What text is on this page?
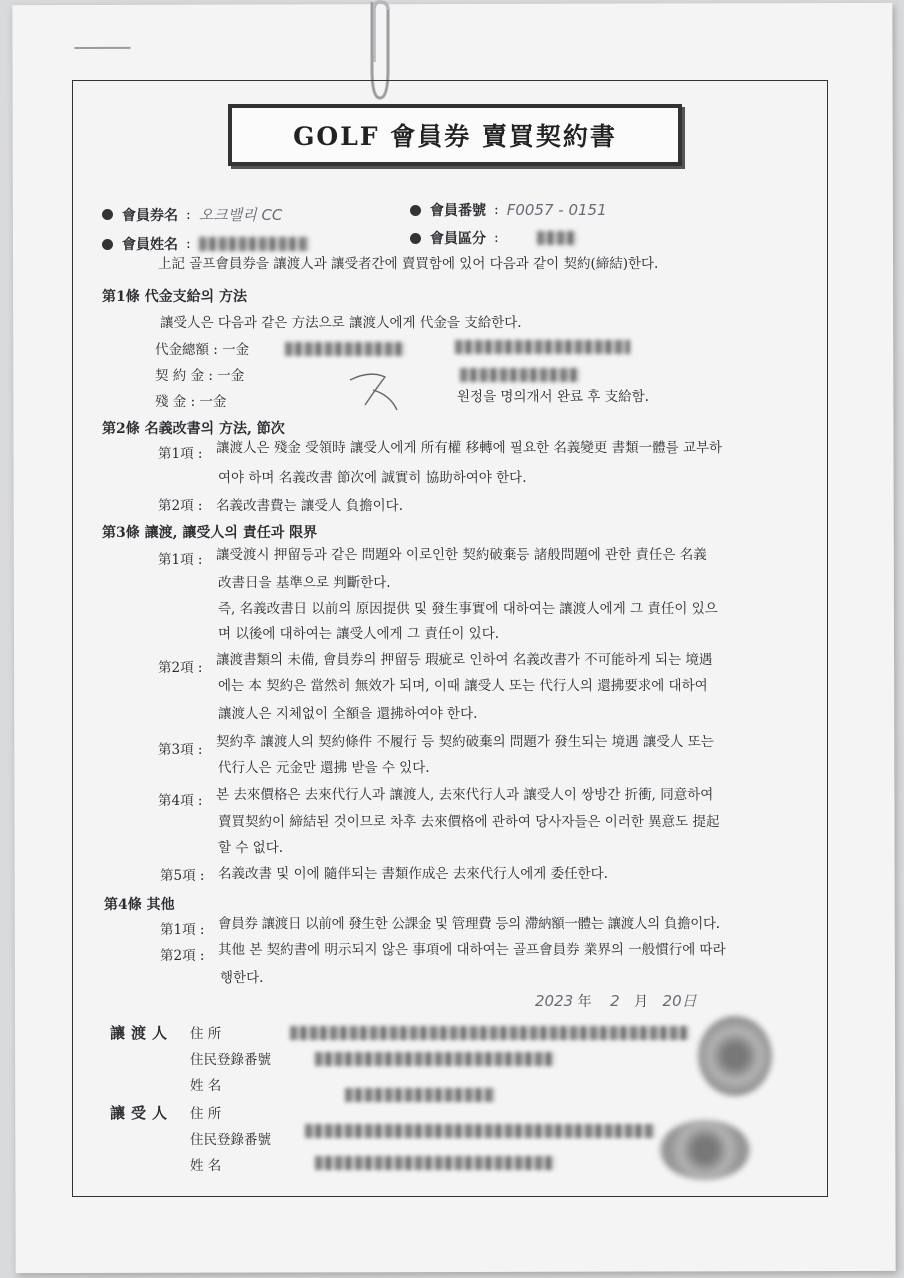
GOLF 會員券 賣買契約書
會員券名 : 오크밸리 CC	會員番號 : F0057 - 0151
會員姓名 :	會員區分 :
上記 골프會員券을 讓渡人과 讓受者간에 賣買함에 있어 다음과 같이 契約(締結)한다.
第1條 代金支給의 方法
讓受人은 다음과 같은 方法으로 讓渡人에게 代金을 支給한다.
代金總額 : 一金
契 約 金 : 一金
殘 金 : 一金	원정을 명의개서 완료 후 支給함.
第2條 名義改書의 方法, 節次
第1項 : 讓渡人은 殘金 受領時 讓受人에게 所有權 移轉에 필요한 名義變更 書類一體를 교부하
여야 하며 名義改書 節次에 誠實히 協助하여야 한다.
第2項 : 名義改書費는 讓受人 負擔이다.
第3條 讓渡, 讓受人의 責任과 限界
第1項 : 讓受渡시 押留등과 같은 問題와 이로인한 契約破棄등 諸般問題에 관한 責任은 名義
改書日을 基準으로 判斷한다.
즉, 名義改書日 以前의 原因提供 및 發生事實에 대하여는 讓渡人에게 그 責任이 있으
며 以後에 대하여는 讓受人에게 그 責任이 있다.
第2項 : 讓渡書類의 未備, 會員券의 押留등 瑕疵로 인하여 名義改書가 不可能하게 되는 境遇
에는 本 契約은 當然히 無效가 되며, 이때 讓受人 또는 代行人의 還拂要求에 대하여
讓渡人은 지체없이 全額을 還拂하여야 한다.
第3項 : 契約후 讓渡人의 契約條件 不履行 등 契約破棄의 問題가 發生되는 境遇 讓受人 또는
代行人은 元金만 還拂 받을 수 있다.
第4項 : 본 去來價格은 去來代行人과 讓渡人, 去來代行人과 讓受人이 쌍방간 折衝, 同意하여
賣買契約이 締結된 것이므로 차후 去來價格에 관하여 당사자들은 이러한 異意도 提起
할 수 없다.
第5項 : 名義改書 및 이에 隨伴되는 書類作成은 去來代行人에게 委任한다.
第4條 其他
第1項 : 會員券 讓渡日 以前에 發生한 公課金 및 管理費 등의 滯納額一體는 讓渡人의 負擔이다.
第2項 : 其他 본 契約書에 明示되지 않은 事項에 대하여는 골프會員券 業界의 一般慣行에 따라
행한다.
2023 年 2 月 20日
讓渡人 住 所
住民登錄番號
姓 名
讓受人 住 所
住民登錄番號
姓 名
